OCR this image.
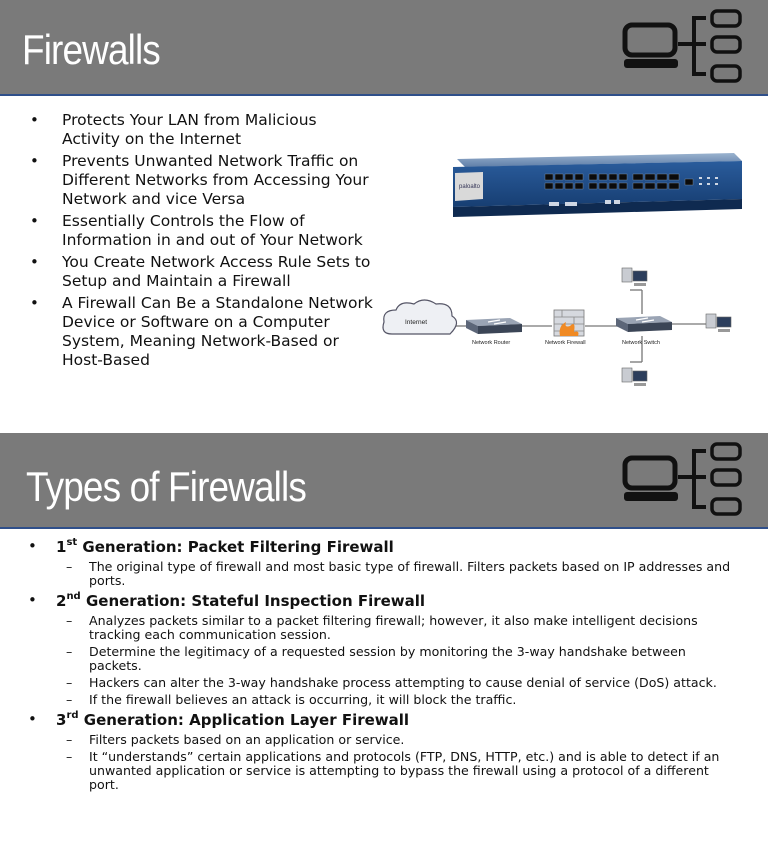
Firewalls
• Protects Your LAN from Malicious Activity on the Internet
• Prevents Unwanted Network Traffic on Different Networks from Accessing Your Network and vice Versa
• Essentially Controls the Flow of Information in and out of Your Network
• You Create Network Access Rule Sets to Setup and Maintain a Firewall
• A Firewall Can Be a Standalone Network Device or Software on a Computer System, Meaning Network-Based or Host-Based
paloalto
Internet
Network Router	Network Firewall	Network Switch
Types of Firewalls
• 1st Generation: Packet Filtering Firewall
– The original type of firewall and most basic type of firewall. Filters packets based on IP addresses and ports.
• 2nd Generation: Stateful Inspection Firewall
– Analyzes packets similar to a packet filtering firewall; however, it also make intelligent decisions tracking each communication session.
– Determine the legitimacy of a requested session by monitoring the 3-way handshake between packets.
– Hackers can alter the 3-way handshake process attempting to cause denial of service (DoS) attack.
– If the firewall believes an attack is occurring, it will block the traffic.
• 3rd Generation: Application Layer Firewall
– Filters packets based on an application or service.
– It “understands” certain applications and protocols (FTP, DNS, HTTP, etc.) and is able to detect if an unwanted application or service is attempting to bypass the firewall using a protocol of a different port.
